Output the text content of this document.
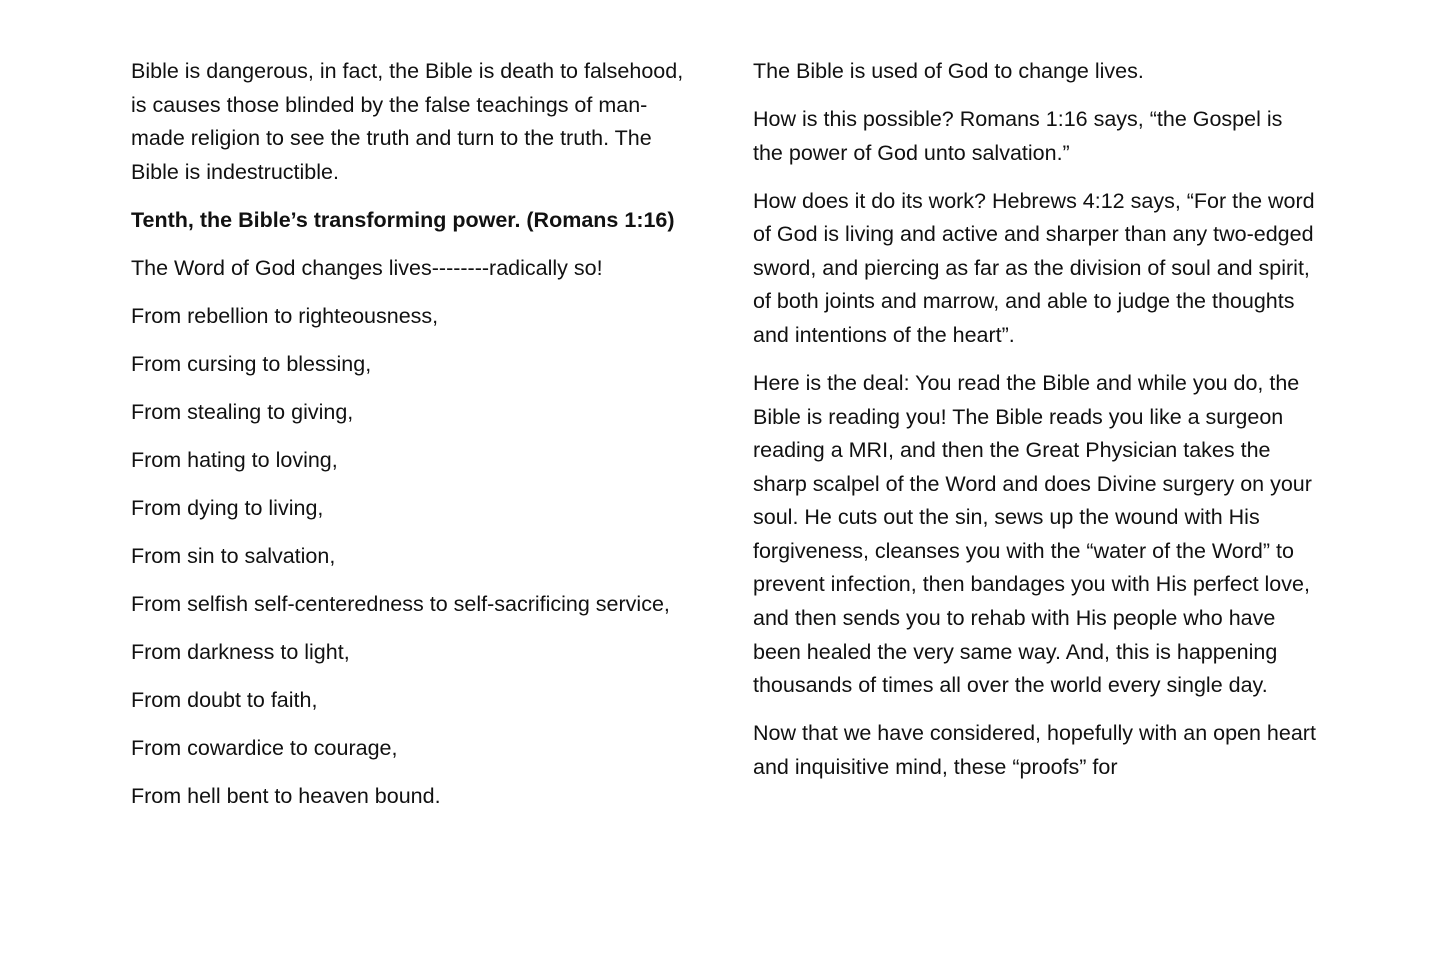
Bible is dangerous, in fact, the Bible is death to falsehood, is causes those blinded by the false teachings of man-made religion to see the truth and turn to the truth. The Bible is indestructible.

Tenth, the Bible’s transforming power. (Romans 1:16)

The Word of God changes lives--------radically so!

From rebellion to righteousness,

From cursing to blessing,

From stealing to giving,

From hating to loving,

From dying to living,

From sin to salvation,

From selfish self-centeredness to self-sacrificing service,

From darkness to light,

From doubt to faith,

From cowardice to courage,

From hell bent to heaven bound.

The Bible is used of God to change lives.

How is this possible? Romans 1:16 says, “the Gospel is the power of God unto salvation.”

How does it do its work? Hebrews 4:12 says, “For the word of God is living and active and sharper than any two-edged sword, and piercing as far as the division of soul and spirit, of both joints and marrow, and able to judge the thoughts and intentions of the heart”.

Here is the deal: You read the Bible and while you do, the Bible is reading you! The Bible reads you like a surgeon reading a MRI, and then the Great Physician takes the sharp scalpel of the Word and does Divine surgery on your soul. He cuts out the sin, sews up the wound with His forgiveness, cleanses you with the “water of the Word” to prevent infection, then bandages you with His perfect love, and then sends you to rehab with His people who have been healed the very same way. And, this is happening thousands of times all over the world every single day.

Now that we have considered, hopefully with an open heart and inquisitive mind, these “proofs” for
